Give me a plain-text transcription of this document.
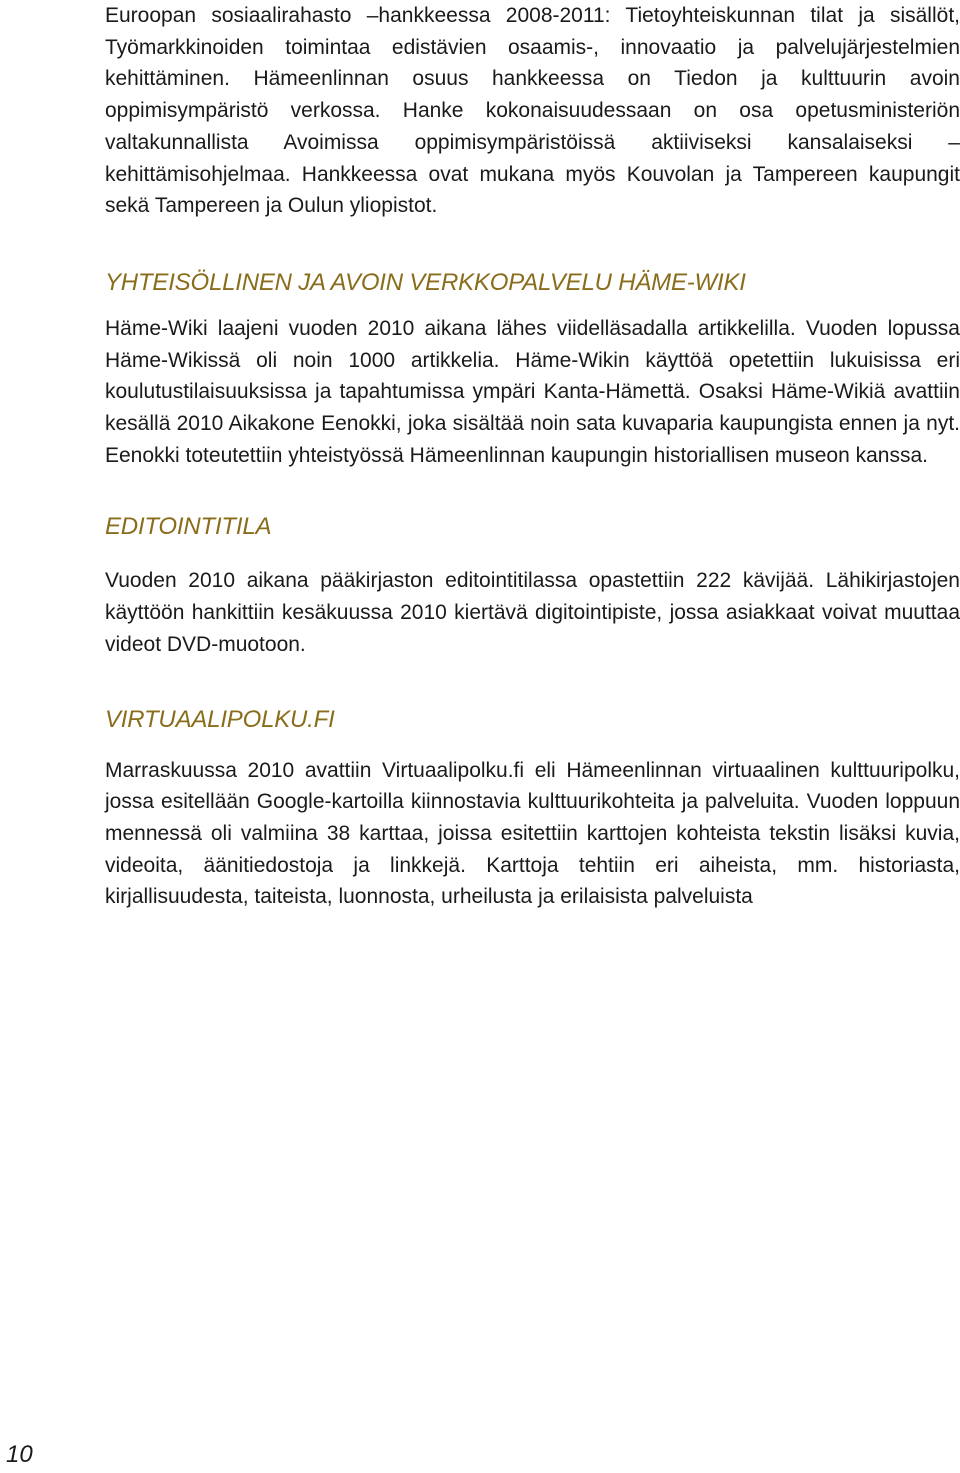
Euroopan sosiaalirahasto –hankkeessa 2008-2011: Tietoyhteiskunnan tilat ja sisällöt, Työmarkkinoiden toimintaa edistävien osaamis-, innovaatio ja palvelujärjestelmien kehittäminen. Hämeenlinnan osuus hankkeessa on Tiedon ja kulttuurin avoin oppimisympäristö verkossa. Hanke kokonaisuudessaan on osa opetusministeriön valtakunnallista Avoimissa oppimisympäristöissä aktiiviseksi kansalaiseksi –kehittämisohjelmaa. Hankkeessa ovat mukana myös Kouvolan ja Tampereen kaupungit sekä Tampereen ja Oulun yliopistot.

YHTEISÖLLINEN JA AVOIN VERKKOPALVELU HÄME-WIKI

Häme-Wiki laajeni vuoden 2010 aikana lähes viidelläsadalla artikkelilla. Vuoden lopussa Häme-Wikissä oli noin 1000 artikkelia. Häme-Wikin käyttöä opetettiin lukuisissa eri koulutustilaisuuksissa ja tapahtumissa ympäri Kanta-Hämettä. Osaksi Häme-Wikiä avattiin kesällä 2010 Aikakone Eenokki, joka sisältää noin sata kuvaparia kaupungista ennen ja nyt. Eenokki toteutettiin yhteistyössä Hämeenlinnan kaupungin historiallisen museon kanssa.

EDITOINTITILA

Vuoden 2010 aikana pääkirjaston editointitilassa opastettiin 222 kävijää. Lähikirjastojen käyttöön hankittiin kesäkuussa 2010 kiertävä digitointipiste, jossa asiakkaat voivat muuttaa videot DVD-muotoon.

VIRTUAALIPOLKU.FI

Marraskuussa 2010 avattiin Virtuaalipolku.fi eli Hämeenlinnan virtuaalinen kulttuuripolku, jossa esitellään Google-kartoilla kiinnostavia kulttuurikohteita ja palveluita. Vuoden loppuun mennessä oli valmiina 38 karttaa, joissa esitettiin karttojen kohteista tekstin lisäksi kuvia, videoita, äänitiedostoja ja linkkejä. Karttoja tehtiin eri aiheista, mm. historiasta, kirjallisuudesta, taiteista, luonnosta, urheilusta ja erilaisista palveluista

10
